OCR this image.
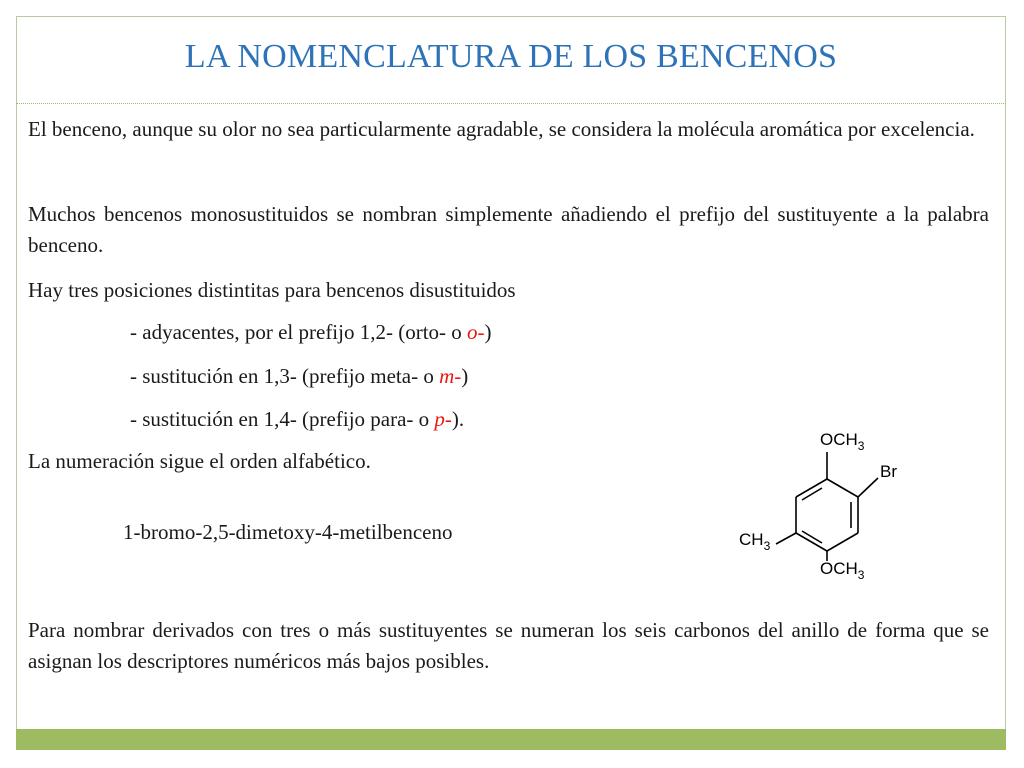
LA NOMENCLATURA DE LOS BENCENOS
El benceno, aunque su olor no sea particularmente agradable, se considera la molécula aromática por excelencia.
Muchos bencenos monosustituidos se nombran simplemente añadiendo el prefijo del sustituyente a la palabra benceno.
Hay tres posiciones distintitas para bencenos disustituidos
- adyacentes, por el prefijo 1,2- (orto- o o-)
- sustitución en 1,3- (prefijo meta- o m-)
- sustitución en 1,4- (prefijo para- o p-).
La numeración sigue el orden alfabético.
1-bromo-2,5-dimetoxy-4-metilbenceno
$OCH_3$
Br
$CH_3$
$OCH_3$
Para nombrar derivados con tres o más sustituyentes se numeran los seis carbonos del anillo de forma que se asignan los descriptores numéricos más bajos posibles.
